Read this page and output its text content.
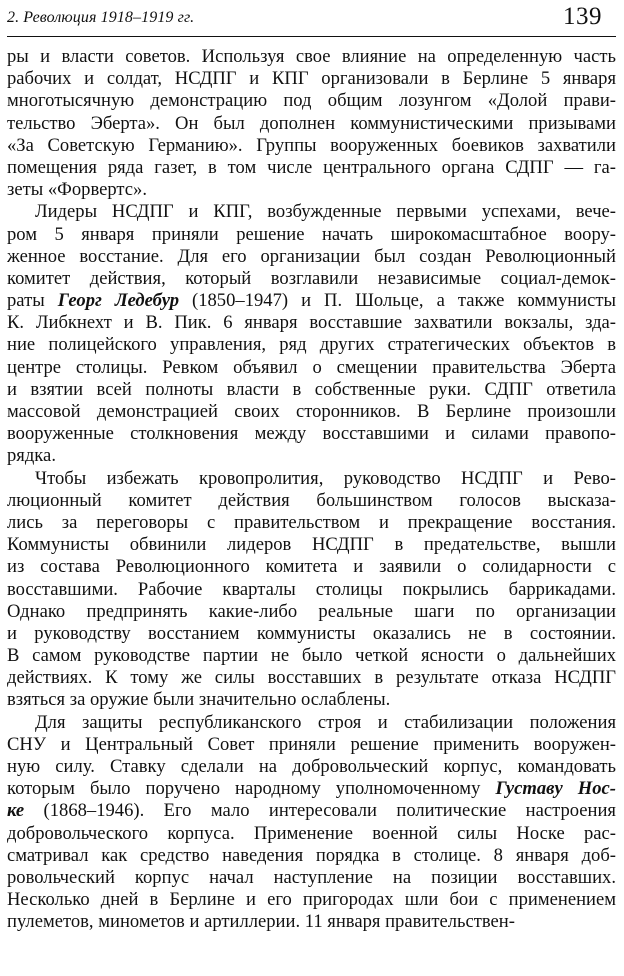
2. Революция 1918–1919 гг.	139
ры и власти советов. Используя свое влияние на определенную часть
рабочих и солдат, НСДПГ и КПГ организовали в Берлине 5 января
многотысячную демонстрацию под общим лозунгом «Долой прави-
тельство Эберта». Он был дополнен коммунистическими призывами
«За Советскую Германию». Группы вооруженных боевиков захватили
помещения ряда газет, в том числе центрального органа СДПГ — га-
зеты «Форвертс».
Лидеры НСДПГ и КПГ, возбужденные первыми успехами, вече-
ром 5 января приняли решение начать широкомасштабное воору-
женное восстание. Для его организации был создан Революционный
комитет действия, который возглавили независимые социал-демок-
раты Георг Ледебур (1850–1947) и П. Шольце, а также коммунисты
К. Либкнехт и В. Пик. 6 января восставшие захватили вокзалы, зда-
ние полицейского управления, ряд других стратегических объектов в
центре столицы. Ревком объявил о смещении правительства Эберта
и взятии всей полноты власти в собственные руки. СДПГ ответила
массовой демонстрацией своих сторонников. В Берлине произошли
вооруженные столкновения между восставшими и силами правопо-
рядка.
Чтобы избежать кровопролития, руководство НСДПГ и Рево-
люционный комитет действия большинством голосов высказа-
лись за переговоры с правительством и прекращение восстания.
Коммунисты обвинили лидеров НСДПГ в предательстве, вышли
из состава Революционного комитета и заявили о солидарности с
восставшими. Рабочие кварталы столицы покрылись баррикадами.
Однако предпринять какие-либо реальные шаги по организации
и руководству восстанием коммунисты оказались не в состоянии.
В самом руководстве партии не было четкой ясности о дальнейших
действиях. К тому же силы восставших в результате отказа НСДПГ
взяться за оружие были значительно ослаблены.
Для защиты республиканского строя и стабилизации положения
СНУ и Центральный Совет приняли решение применить вооружен-
ную силу. Ставку сделали на добровольческий корпус, командовать
которым было поручено народному уполномоченному Густаву Нос-
ке (1868–1946). Его мало интересовали политические настроения
добровольческого корпуса. Применение военной силы Носке рас-
сматривал как средство наведения порядка в столице. 8 января доб-
ровольческий корпус начал наступление на позиции восставших.
Несколько дней в Берлине и его пригородах шли бои с применением
пулеметов, минометов и артиллерии. 11 января правительствен-
